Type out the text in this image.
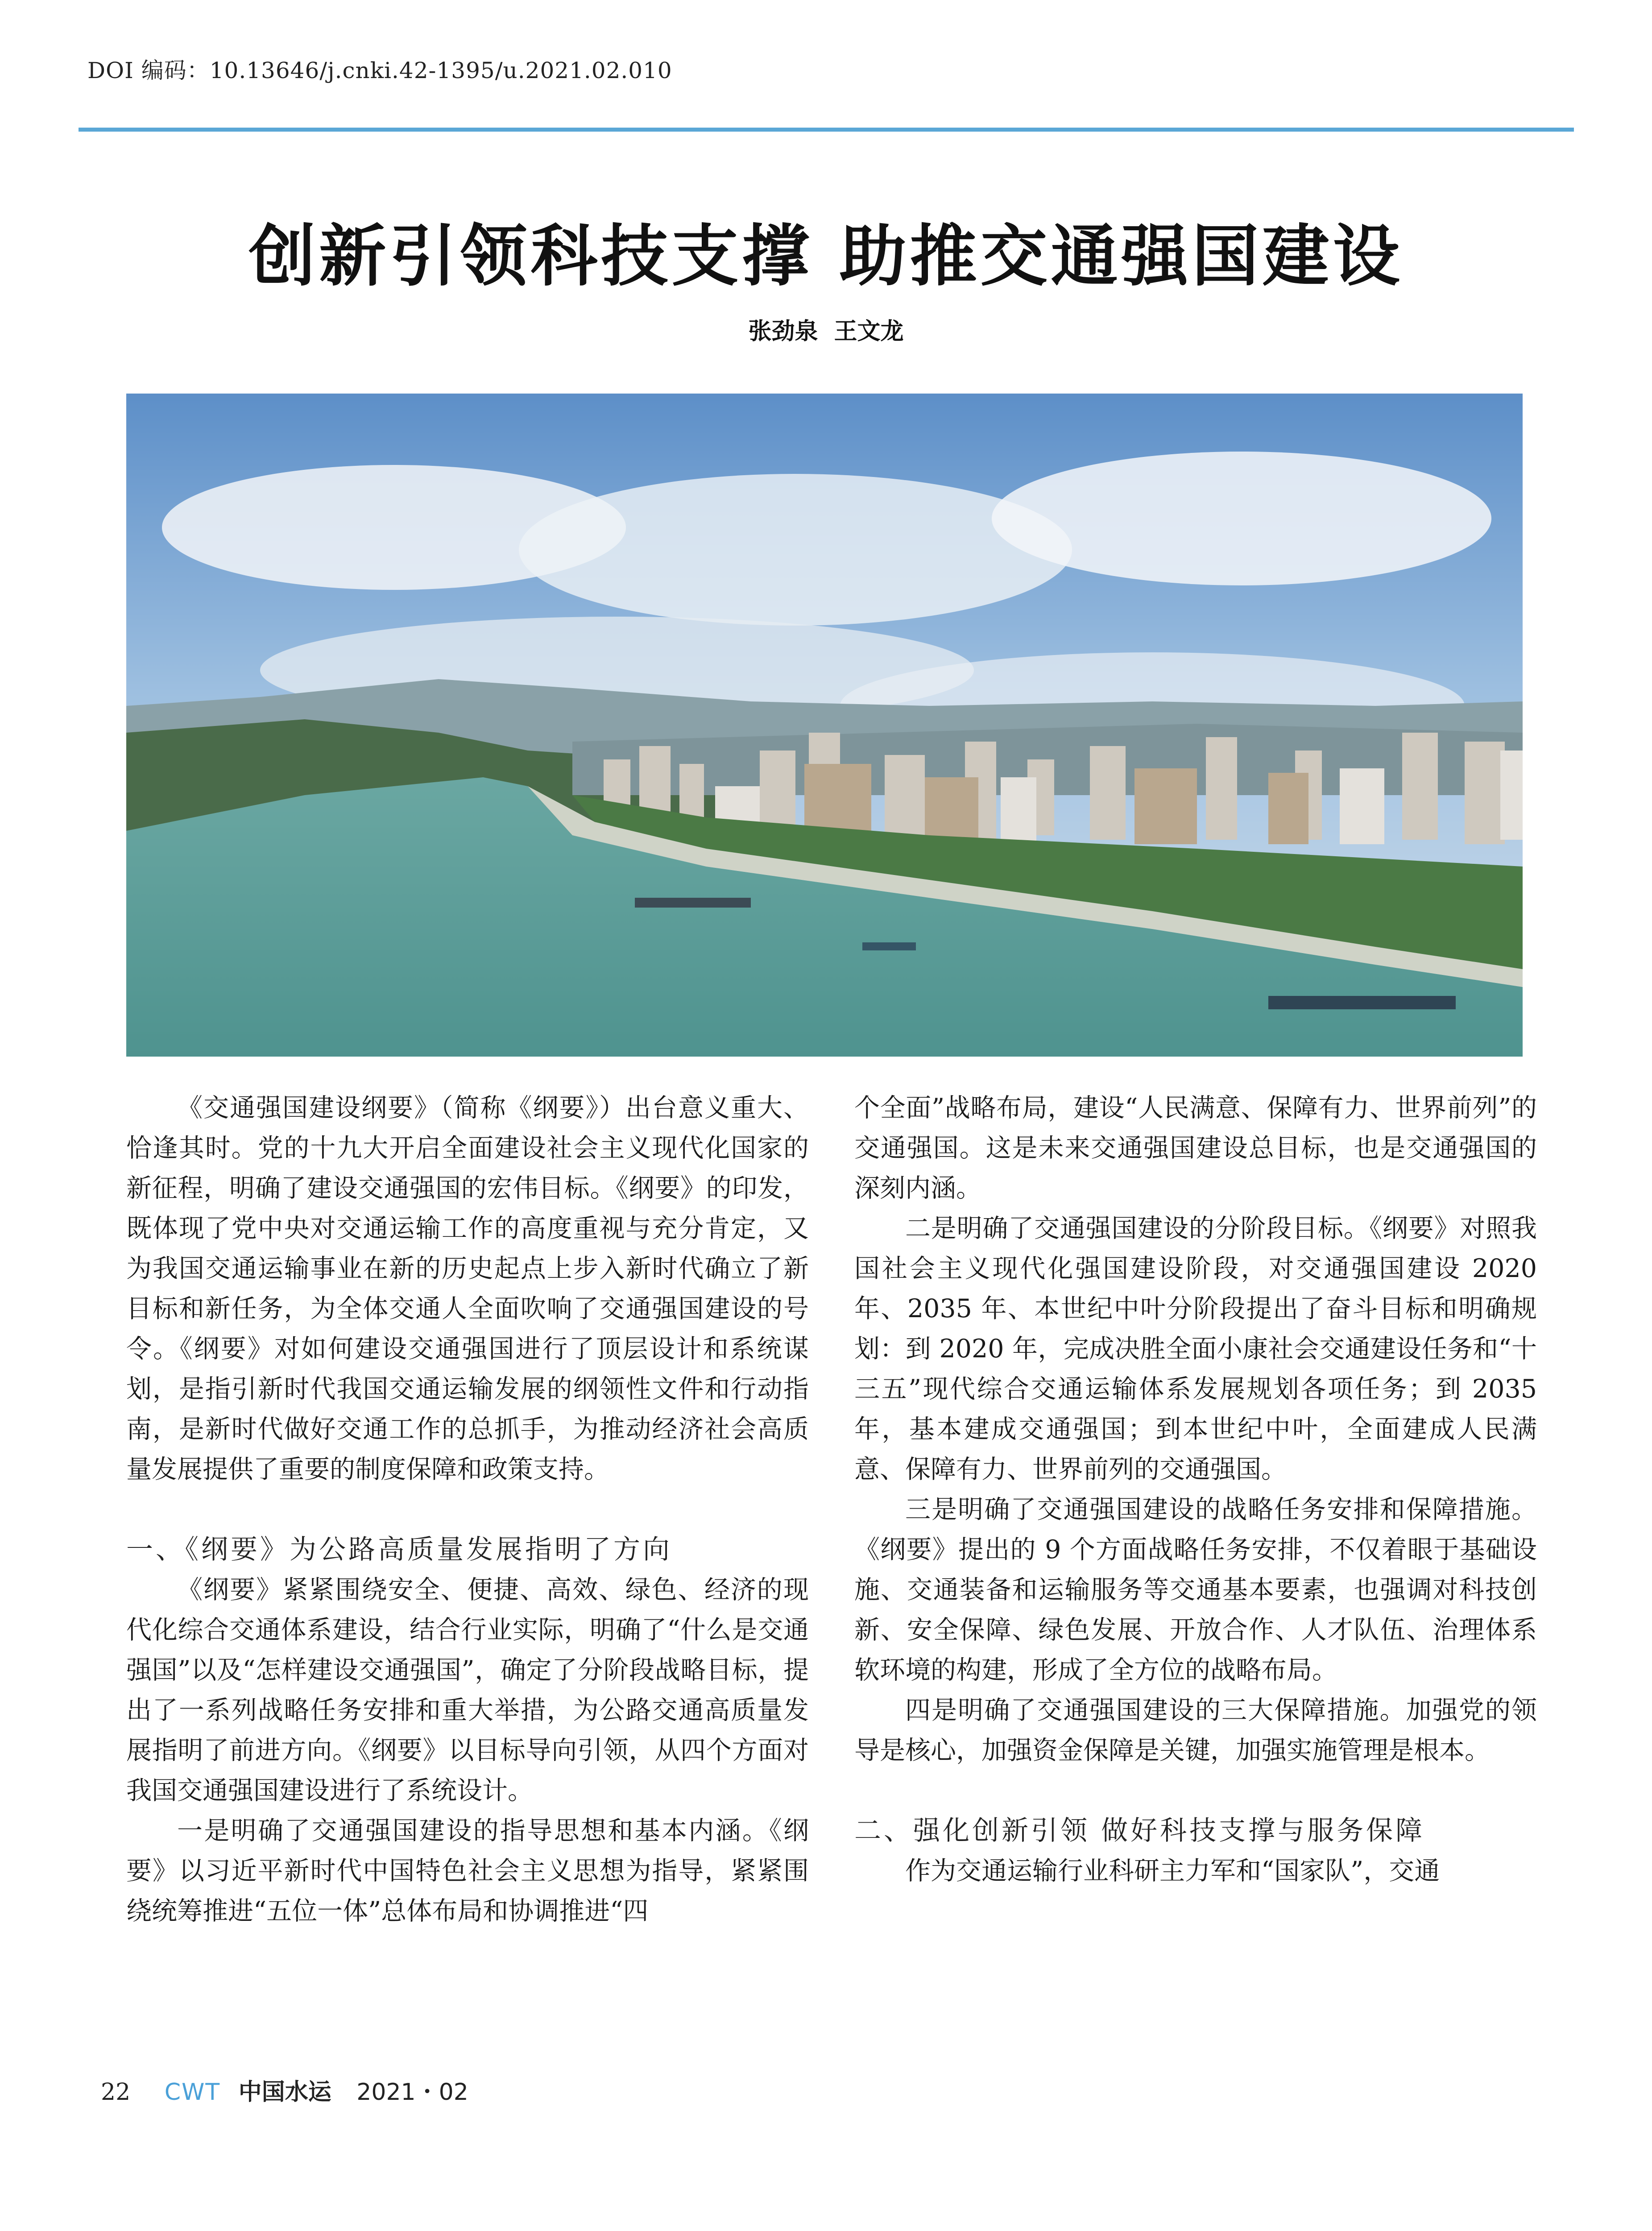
DOI 编码：10.13646/j.cnki.42-1395/u.2021.02.010
创新引领科技支撑 助推交通强国建设
张劲泉 王文龙

《交通强国建设纲要》（简称《纲要》）出台意义重大、恰逢其时。党的十九大开启全面建设社会主义现代化国家的新征程，明确了建设交通强国的宏伟目标。《纲要》的印发，既体现了党中央对交通运输工作的高度重视与充分肯定，又为我国交通运输事业在新的历史起点上步入新时代确立了新目标和新任务，为全体交通人全面吹响了交通强国建设的号令。《纲要》对如何建设交通强国进行了顶层设计和系统谋划，是指引新时代我国交通运输发展的纲领性文件和行动指南，是新时代做好交通工作的总抓手，为推动经济社会高质量发展提供了重要的制度保障和政策支持。

一、《纲要》为公路高质量发展指明了方向

《纲要》紧紧围绕安全、便捷、高效、绿色、经济的现代化综合交通体系建设，结合行业实际，明确了“什么是交通强国”以及“怎样建设交通强国”，确定了分阶段战略目标，提出了一系列战略任务安排和重大举措，为公路交通高质量发展指明了前进方向。《纲要》以目标导向引领，从四个方面对我国交通强国建设进行了系统设计。

一是明确了交通强国建设的指导思想和基本内涵。《纲要》以习近平新时代中国特色社会主义思想为指导，紧紧围绕统筹推进“五位一体”总体布局和协调推进“四

个全面”战略布局，建设“人民满意、保障有力、世界前列”的交通强国。这是未来交通强国建设总目标，也是交通强国的深刻内涵。

二是明确了交通强国建设的分阶段目标。《纲要》对照我国社会主义现代化强国建设阶段，对交通强国建设 2020 年、2035 年、本世纪中叶分阶段提出了奋斗目标和明确规划：到 2020 年，完成决胜全面小康社会交通建设任务和“十三五”现代综合交通运输体系发展规划各项任务；到 2035 年，基本建成交通强国；到本世纪中叶，全面建成人民满意、保障有力、世界前列的交通强国。

三是明确了交通强国建设的战略任务安排和保障措施。《纲要》提出的 9 个方面战略任务安排，不仅着眼于基础设施、交通装备和运输服务等交通基本要素，也强调对科技创新、安全保障、绿色发展、开放合作、人才队伍、治理体系软环境的构建，形成了全方位的战略布局。

四是明确了交通强国建设的三大保障措施。加强党的领导是核心，加强资金保障是关键，加强实施管理是根本。

二、强化创新引领 做好科技支撑与服务保障

作为交通运输行业科研主力军和“国家队”，交通

22 CWT 中国水运 2021・02
